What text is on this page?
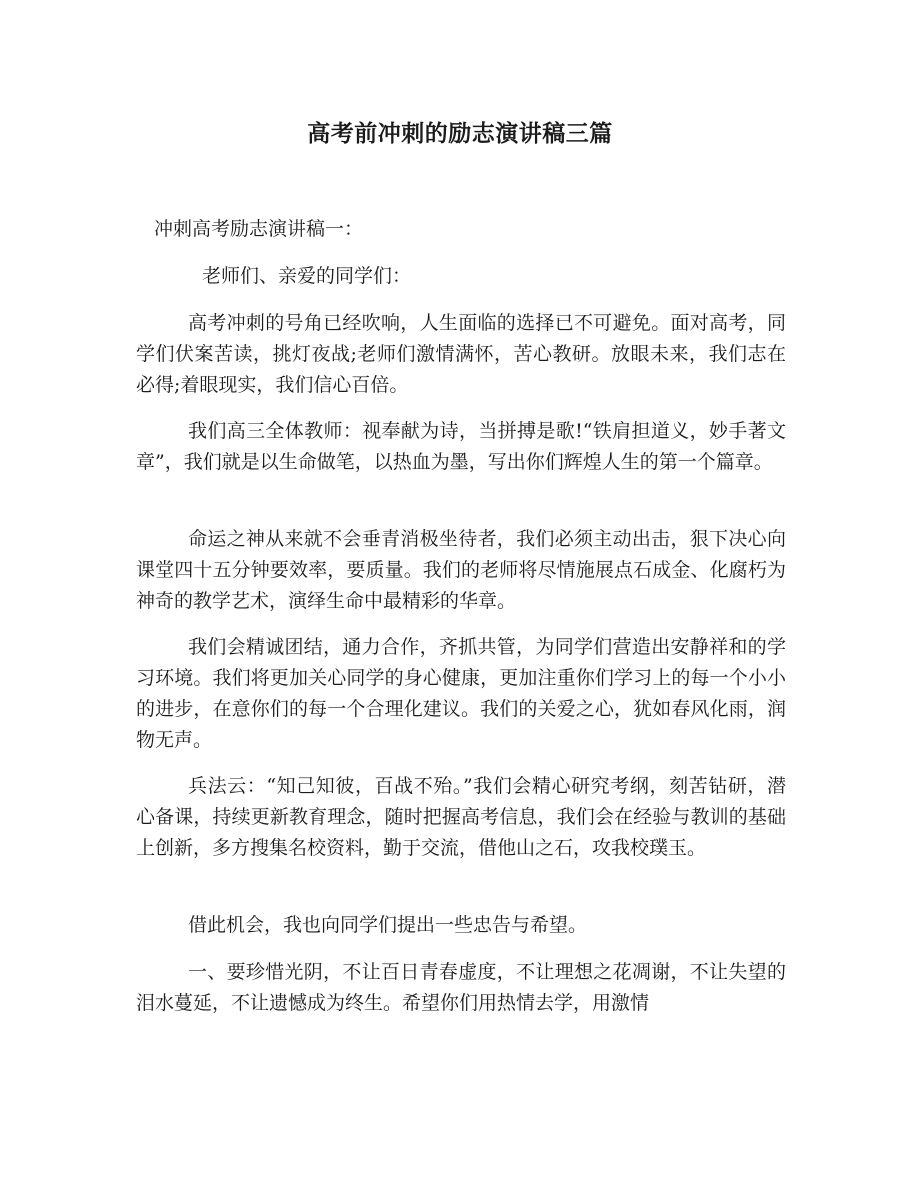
高考前冲刺的励志演讲稿三篇
冲刺高考励志演讲稿一：
老师们、亲爱的同学们：

高考冲刺的号角已经吹响，人生面临的选择已不可避免。面对高考，同学们伏案苦读，挑灯夜战;老师们激情满怀，苦心教研。放眼未来，我们志在必得;着眼现实，我们信心百倍。

我们高三全体教师：视奉献为诗，当拼搏是歌!“铁肩担道义，妙手著文章”，我们就是以生命做笔，以热血为墨，写出你们辉煌人生的第一个篇章。

命运之神从来就不会垂青消极坐待者，我们必须主动出击，狠下决心向课堂四十五分钟要效率，要质量。我们的老师将尽情施展点石成金、化腐朽为神奇的教学艺术，演绎生命中最精彩的华章。

我们会精诚团结，通力合作，齐抓共管，为同学们营造出安静祥和的学习环境。我们将更加关心同学的身心健康，更加注重你们学习上的每一个小小的进步，在意你们的每一个合理化建议。我们的关爱之心，犹如春风化雨，润物无声。

兵法云：“知己知彼，百战不殆。”我们会精心研究考纲，刻苦钻研，潜心备课，持续更新教育理念，随时把握高考信息，我们会在经验与教训的基础上创新，多方搜集名校资料，勤于交流，借他山之石，攻我校璞玉。

借此机会，我也向同学们提出一些忠告与希望。

一、要珍惜光阴，不让百日青春虚度，不让理想之花凋谢，不让失望的泪水蔓延，不让遗憾成为终生。希望你们用热情去学，用激情
